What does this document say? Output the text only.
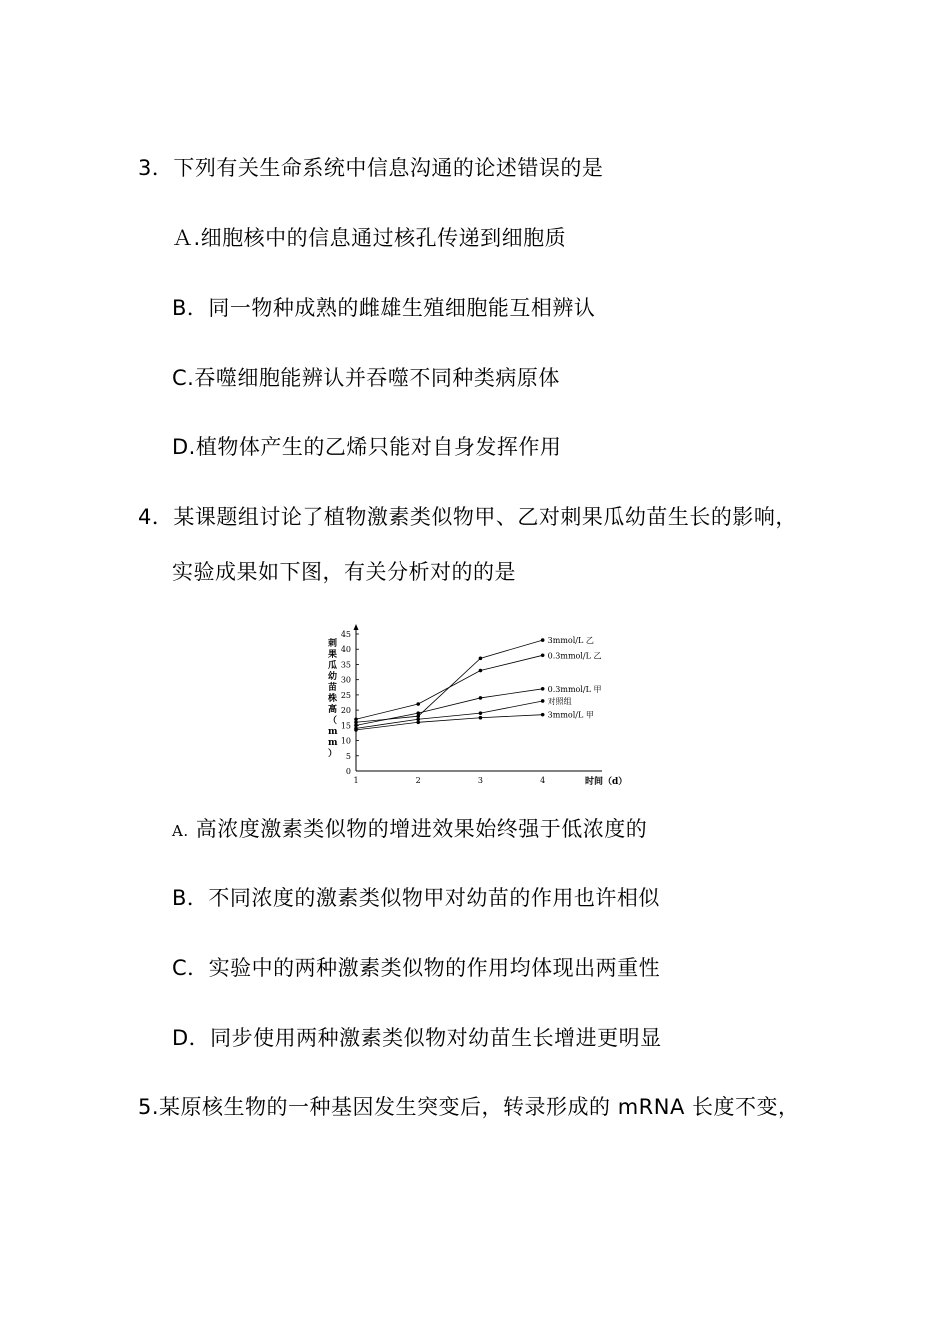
3．下列有关生命系统中信息沟通的论述错误的是
Ａ.细胞核中的信息通过核孔传递到细胞质
B．同一物种成熟的雌雄生殖细胞能互相辨认
C.吞噬细胞能辨认并吞噬不同种类病原体
D.植物体产生的乙烯只能对自身发挥作用
4．某课题组讨论了植物激素类似物甲、乙对刺果瓜幼苗生长的影响，
实验成果如下图，有关分析对的的是
0
5
10
15
20
25
30
35
40
45
1	2	3	4
3mmol/L 乙
0.3mmol/L 乙
0.3mmol/L 甲
对照组
3mmol/L 甲
刺果瓜幼苗株高（ m m ）
时间（d）
A. 高浓度激素类似物的增进效果始终强于低浓度的
B．不同浓度的激素类似物甲对幼苗的作用也许相似
C．实验中的两种激素类似物的作用均体现出两重性
D．同步使用两种激素类似物对幼苗生长增进更明显
5.某原核生物的一种基因发生突变后，转录形成的 mRNA 长度不变，
